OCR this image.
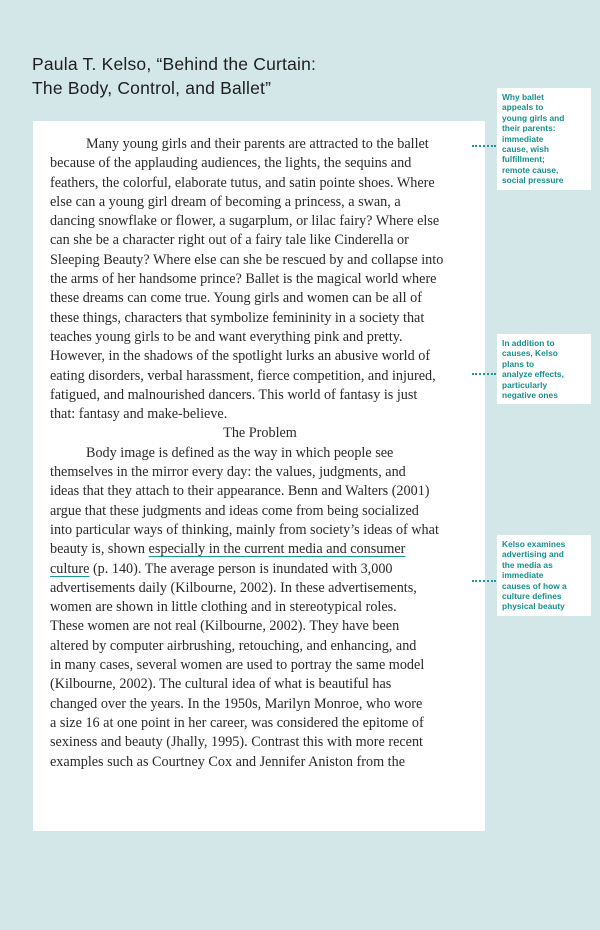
Paula T. Kelso, “Behind the Curtain:
The Body, Control, and Ballet”
Many young girls and their parents are attracted to the ballet
because of the applauding audiences, the lights, the sequins and
feathers, the colorful, elaborate tutus, and satin pointe shoes. Where
else can a young girl dream of becoming a princess, a swan, a
dancing snowflake or flower, a sugarplum, or lilac fairy? Where else
can she be a character right out of a fairy tale like Cinderella or
Sleeping Beauty? Where else can she be rescued by and collapse into
the arms of her handsome prince? Ballet is the magical world where
these dreams can come true. Young girls and women can be all of
these things, characters that symbolize femininity in a society that
teaches young girls to be and want everything pink and pretty.
However, in the shadows of the spotlight lurks an abusive world of
eating disorders, verbal harassment, fierce competition, and injured,
fatigued, and malnourished dancers. This world of fantasy is just
that: fantasy and make-believe.
The Problem
Body image is defined as the way in which people see
themselves in the mirror every day: the values, judgments, and
ideas that they attach to their appearance. Benn and Walters (2001)
argue that these judgments and ideas come from being socialized
into particular ways of thinking, mainly from society’s ideas of what
beauty is, shown especially in the current media and consumer
culture (p. 140). The average person is inundated with 3,000
advertisements daily (Kilbourne, 2002). In these advertisements,
women are shown in little clothing and in stereotypical roles.
These women are not real (Kilbourne, 2002). They have been
altered by computer airbrushing, retouching, and enhancing, and
in many cases, several women are used to portray the same model
(Kilbourne, 2002). The cultural idea of what is beautiful has
changed over the years. In the 1950s, Marilyn Monroe, who wore
a size 16 at one point in her career, was considered the epitome of
sexiness and beauty (Jhally, 1995). Contrast this with more recent
examples such as Courtney Cox and Jennifer Aniston from the
Why ballet
appeals to
young girls and
their parents:
immediate
cause, wish
fulfillment;
remote cause,
social pressure
In addition to
causes, Kelso
plans to
analyze effects,
particularly
negative ones
Kelso examines
advertising and
the media as
immediate
causes of how a
culture defines
physical beauty
